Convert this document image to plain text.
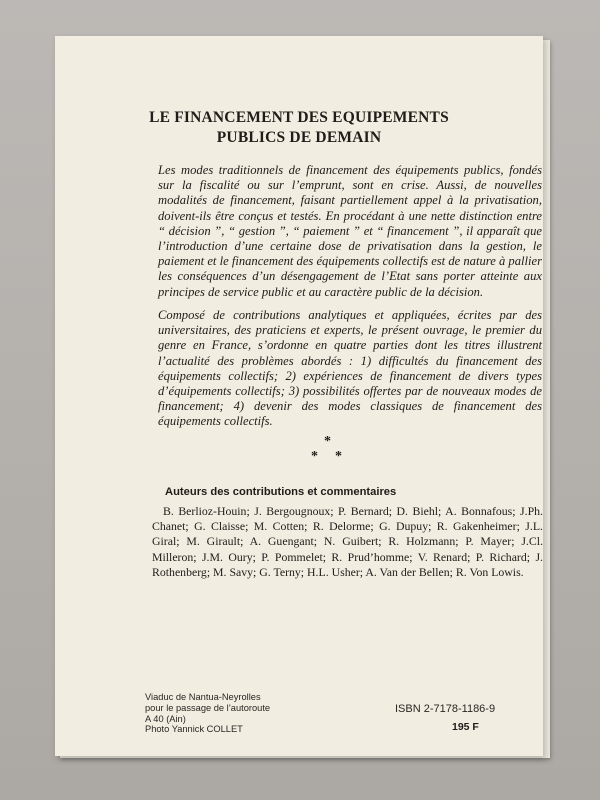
LE FINANCEMENT DES EQUIPEMENTS
PUBLICS DE DEMAIN
Les modes traditionnels de financement des équipements publics, fondés sur la fiscalité ou sur l’emprunt, sont en crise. Aussi, de nouvelles modalités de financement, faisant partiellement appel à la privatisation, doivent-ils être conçus et testés. En procédant à une nette distinction entre “ décision ”, “ gestion ”, “ paiement ” et “ financement ”, il apparaît que l’introduction d’une certaine dose de privatisation dans la gestion, le paiement et le financement des équipements collectifs est de nature à pallier les conséquences d’un désengagement de l’Etat sans porter atteinte aux principes de service public et au caractère public de la décision.
Composé de contributions analytiques et appliquées, écrites par des universitaires, des praticiens et experts, le présent ouvrage, le premier du genre en France, s’ordonne en quatre parties dont les titres illustrent l’actualité des problèmes abordés : 1) difficultés du financement des équipements collectifs; 2) expériences de financement de divers types d’équipements collectifs; 3) possibilités offertes par de nouveaux modes de financement; 4) devenir des modes classiques de financement des équipements collectifs.
*
* *
Auteurs des contributions et commentaires
B. Berlioz-Houin; J. Bergougnoux; P. Bernard; D. Biehl; A. Bonnafous; J.Ph. Chanet; G. Claisse; M. Cotten; R. Delorme; G. Dupuy; R. Gakenheimer; J.L. Giral; M. Girault; A. Guengant; N. Guibert; R. Holzmann; P. Mayer; J.Cl. Milleron; J.M. Oury; P. Pommelet; R. Prud’homme; V. Renard; P. Richard; J. Rothenberg; M. Savy; G. Terny; H.L. Usher; A. Van der Bellen; R. Von Lowis.
Viaduc de Nantua-Neyrolles
pour le passage de l’autoroute
A 40 (Ain)
Photo Yannick COLLET
ISBN 2-7178-1186-9
195 F
